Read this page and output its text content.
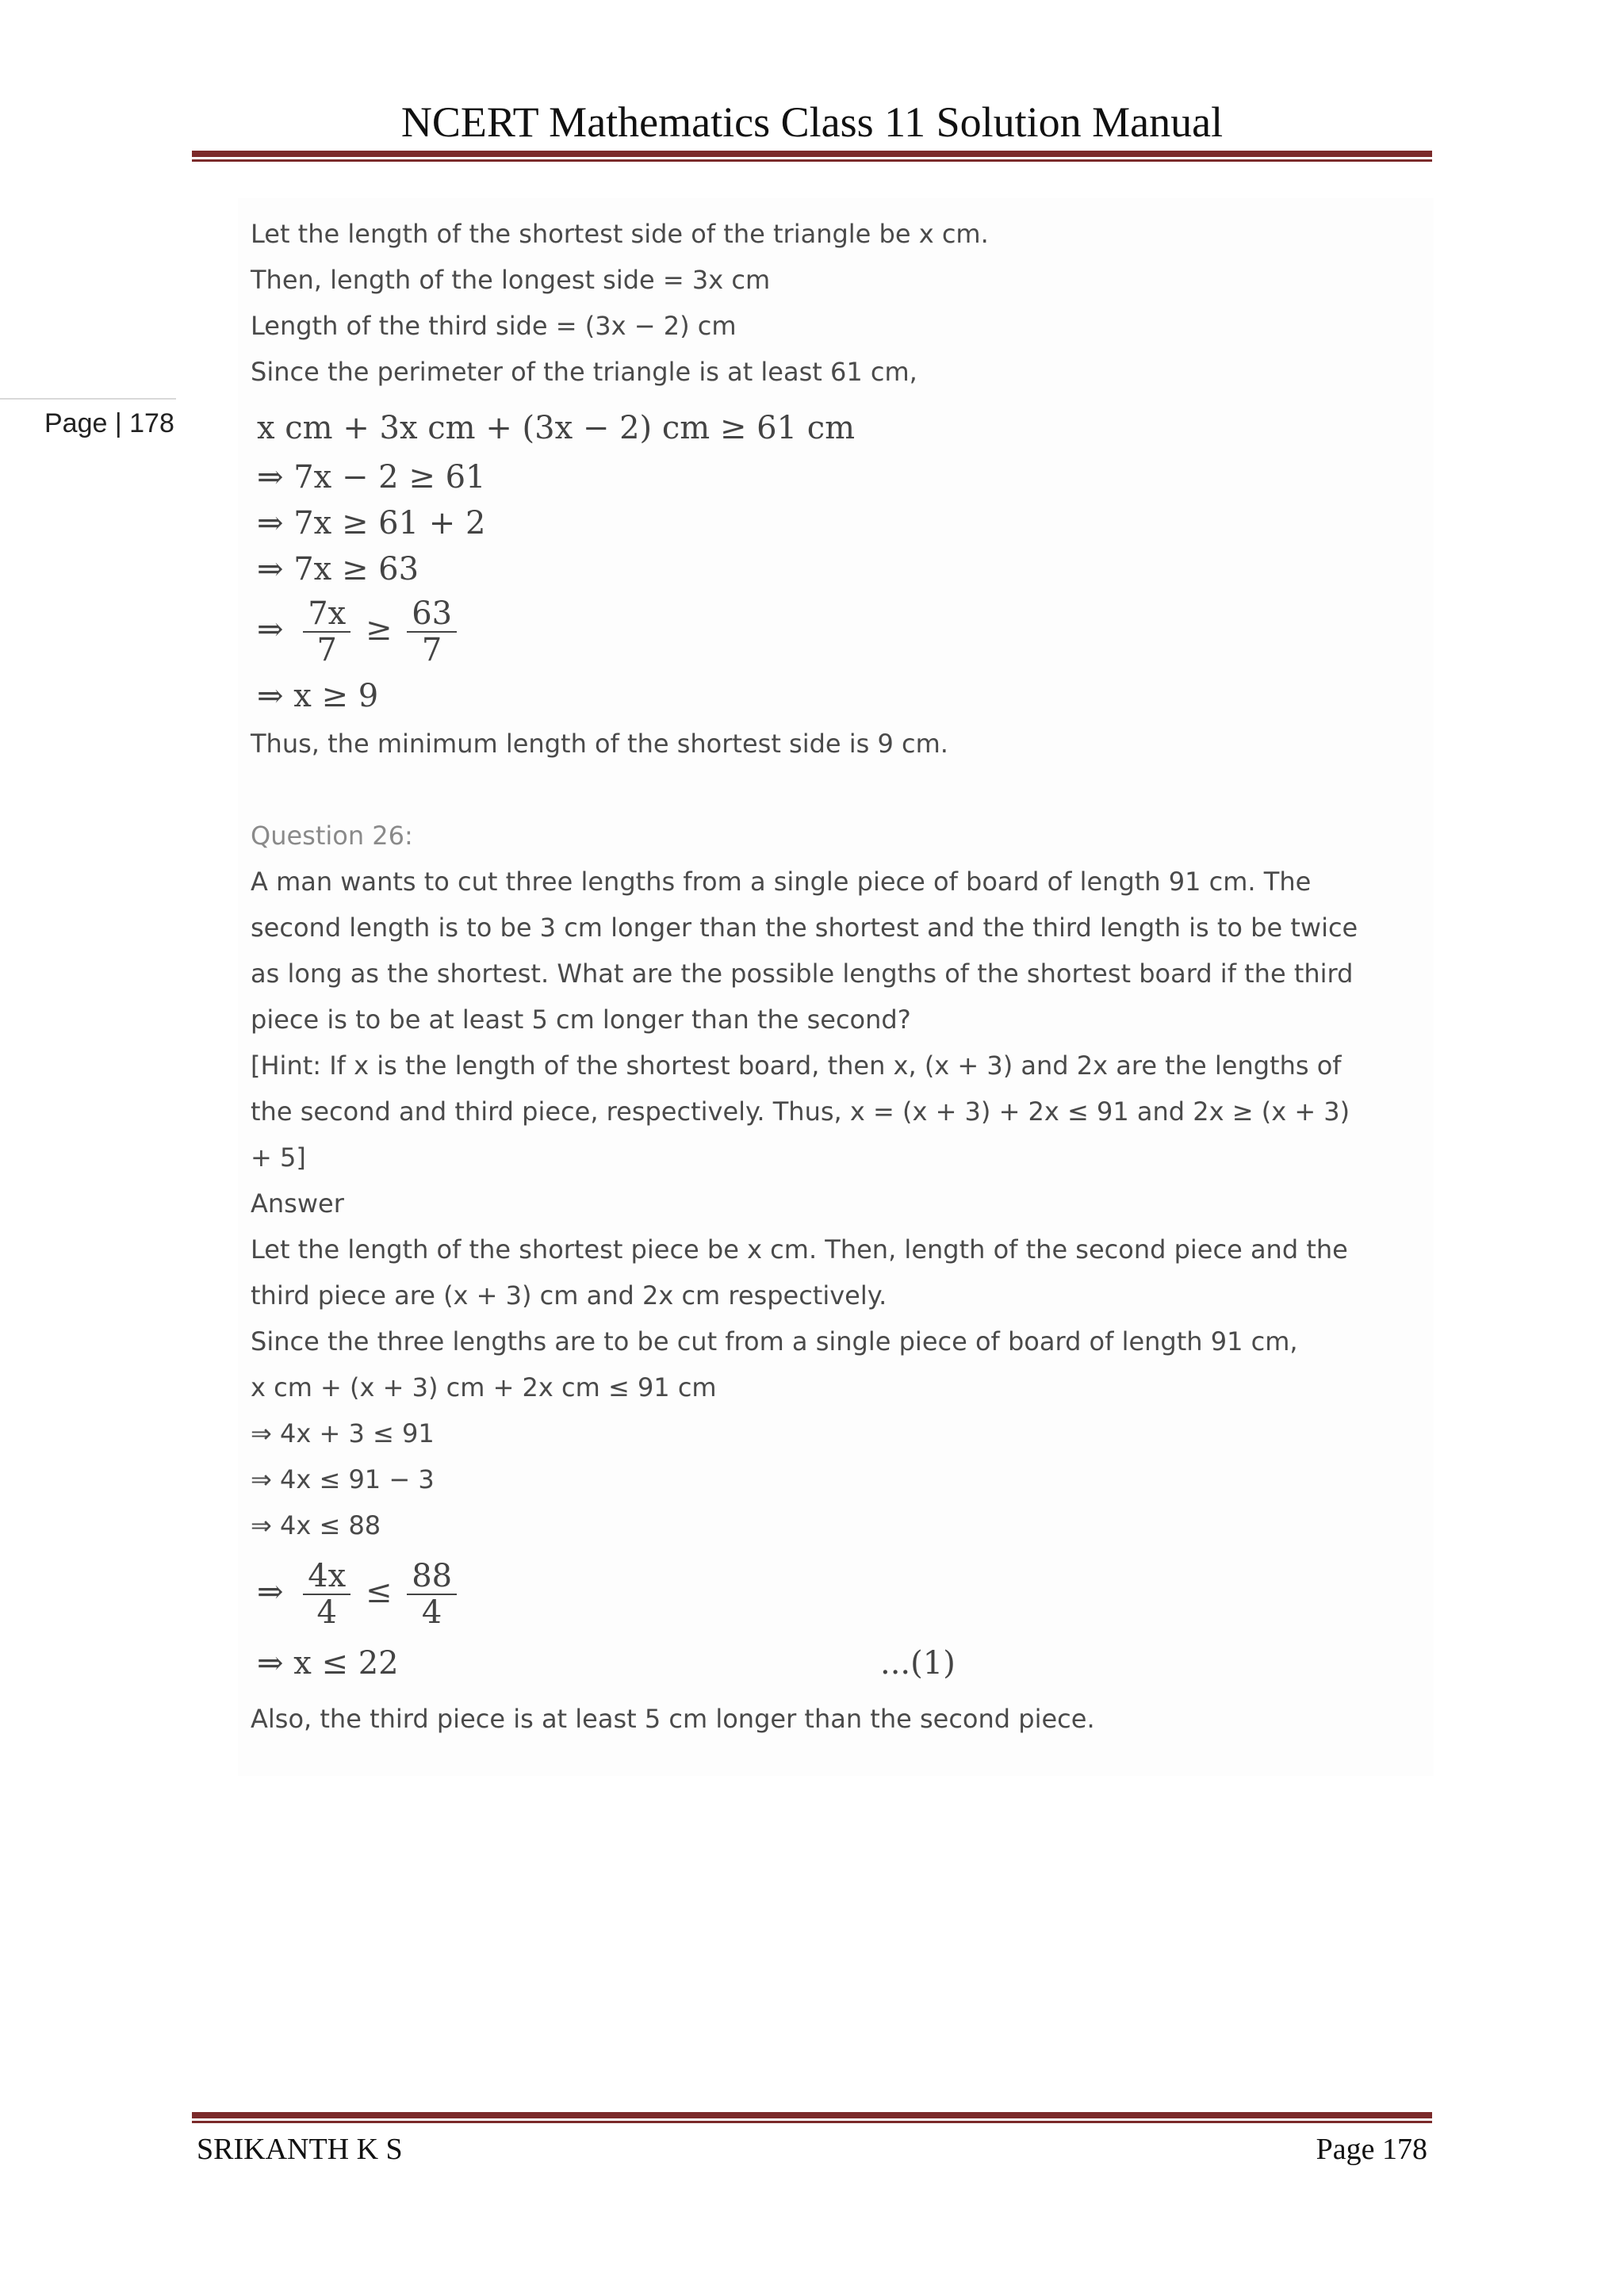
NCERT Mathematics Class 11 Solution Manual
Page | 178
Let the length of the shortest side of the triangle be x cm.
Then, length of the longest side = 3x cm
Length of the third side = (3x − 2) cm
Since the perimeter of the triangle is at least 61 cm,
x cm + 3x cm + (3x − 2) cm ≥ 61 cm
⇒ 7x − 2 ≥ 61
⇒ 7x ≥ 61 + 2
⇒ 7x ≥ 63
⇒ $\frac{7x}{7} \ge \frac{63}{7}$
⇒ x ≥ 9
Thus, the minimum length of the shortest side is 9 cm.
Question 26:
A man wants to cut three lengths from a single piece of board of length 91 cm. The
second length is to be 3 cm longer than the shortest and the third length is to be twice
as long as the shortest. What are the possible lengths of the shortest board if the third
piece is to be at least 5 cm longer than the second?
[Hint: If x is the length of the shortest board, then x, (x + 3) and 2x are the lengths of
the second and third piece, respectively. Thus, x = (x + 3) + 2x ≤ 91 and 2x ≥ (x + 3)
+ 5]
Answer
Let the length of the shortest piece be x cm. Then, length of the second piece and the
third piece are (x + 3) cm and 2x cm respectively.
Since the three lengths are to be cut from a single piece of board of length 91 cm,
x cm + (x + 3) cm + 2x cm ≤ 91 cm
⇒ 4x + 3 ≤ 91
⇒ 4x ≤ 91 − 3
⇒ 4x ≤ 88
⇒ $\frac{4x}{4} \le \frac{88}{4}$
⇒ x ≤ 22	...(1)
Also, the third piece is at least 5 cm longer than the second piece.
SRIKANTH K S	Page 178
